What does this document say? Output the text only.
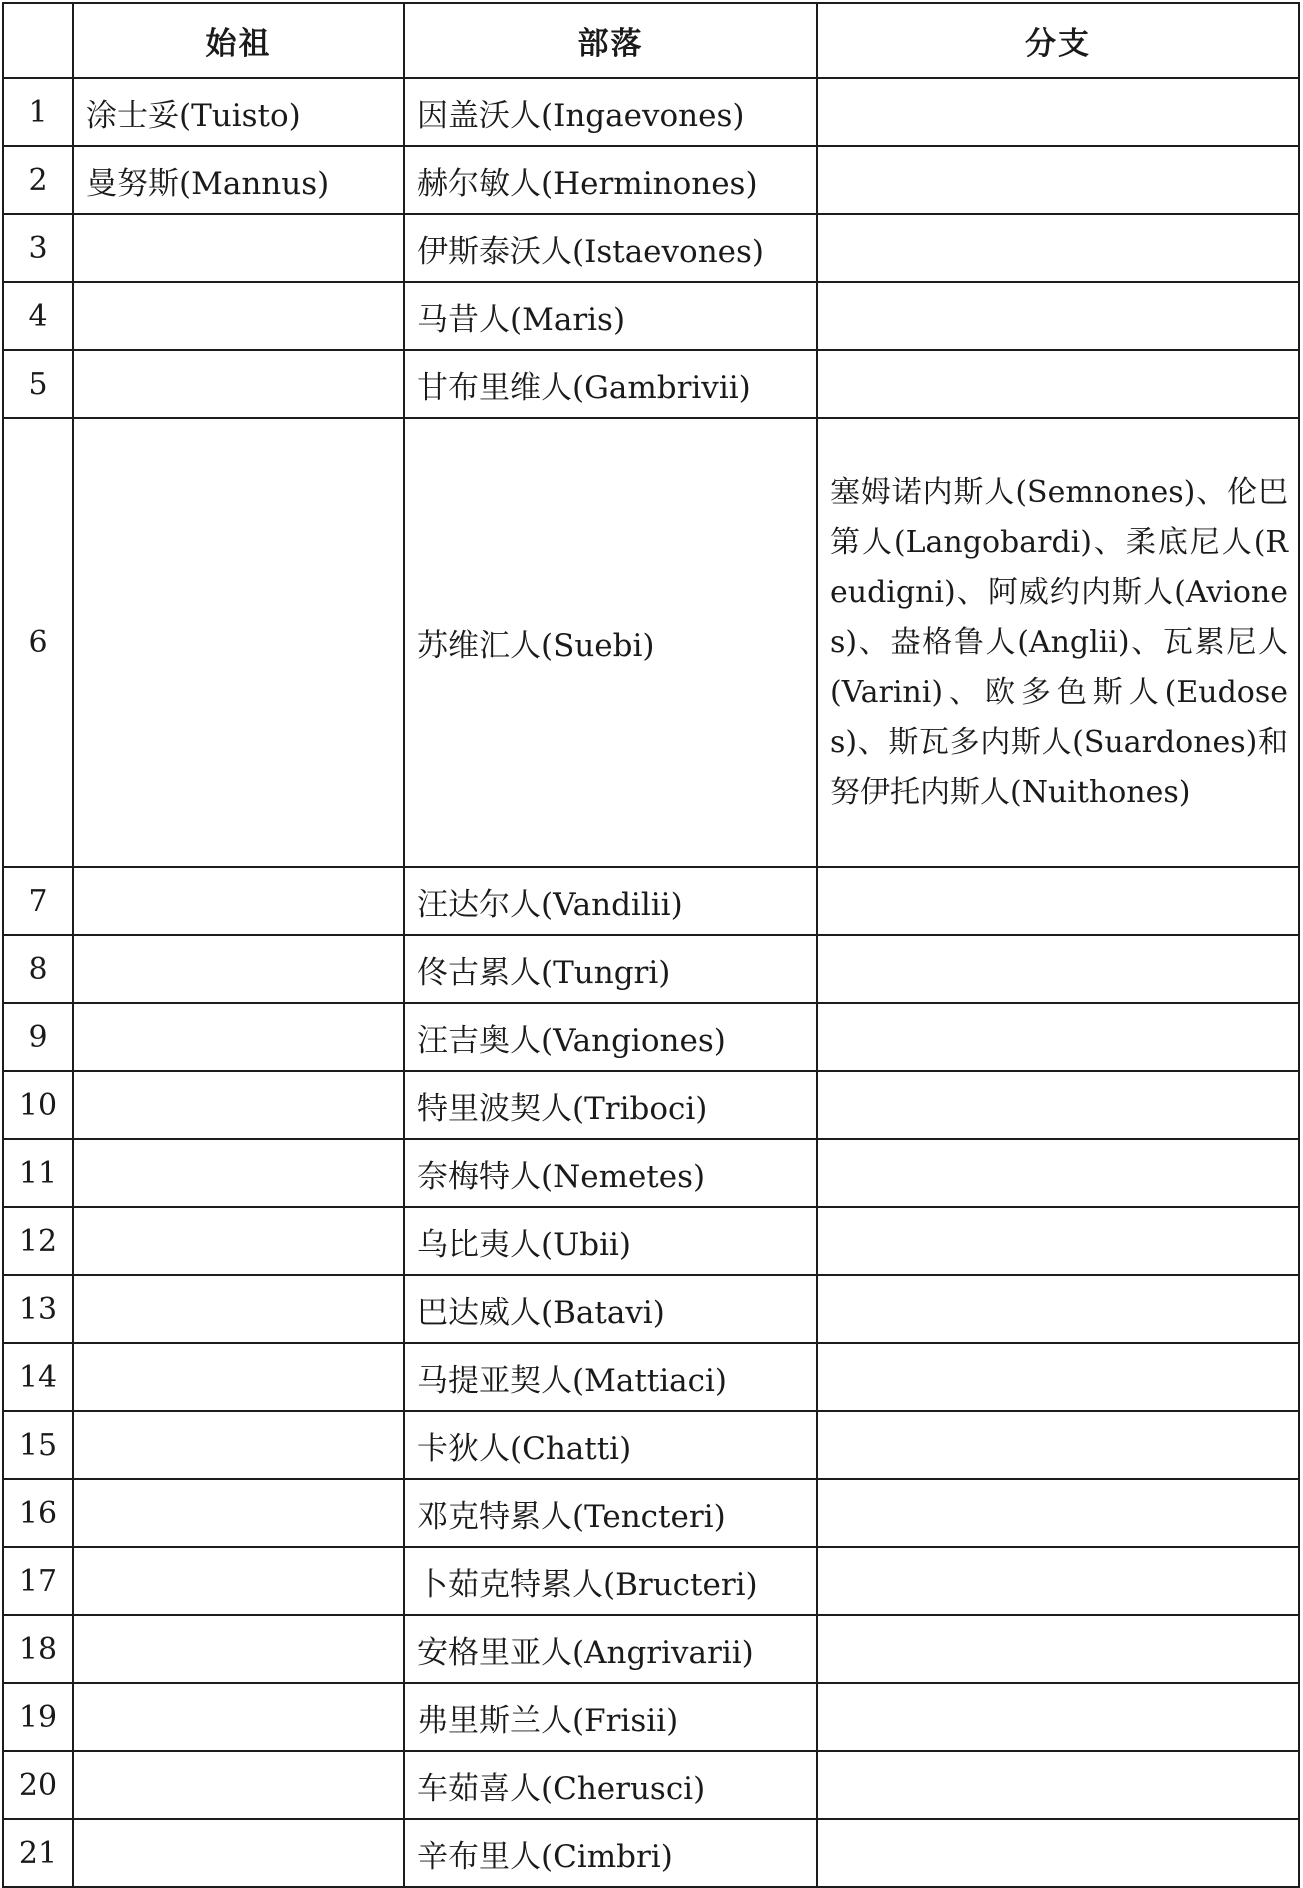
	始祖	部落	分支
1	涂士妥(Tuisto)	因盖沃人(Ingaevones)	
2	曼努斯(Mannus)	赫尔敏人(Herminones)	
3		伊斯泰沃人(Istaevones)	
4		马昔人(Maris)	
5		甘布里维人(Gambrivii)	
6		苏维汇人(Suebi)	塞姆诺内斯人(Semnones)、伦巴第人(Langobardi)、柔底尼人(Reudigni)、阿威约内斯人(Aviones)、盎格鲁人(Anglii)、瓦累尼人(Varini)、欧多色斯人(Eudoses)、斯瓦多内斯人(Suardones)和努伊托内斯人(Nuithones)
7		汪达尔人(Vandilii)	
8		佟古累人(Tungri)	
9		汪吉奥人(Vangiones)	
10		特里波契人(Triboci)	
11		奈梅特人(Nemetes)	
12		乌比夷人(Ubii)	
13		巴达威人(Batavi)	
14		马提亚契人(Mattiaci)	
15		卡狄人(Chatti)	
16		邓克特累人(Tencteri)	
17		卜茹克特累人(Bructeri)	
18		安格里亚人(Angrivarii)	
19		弗里斯兰人(Frisii)	
20		车茹喜人(Cherusci)	
21		辛布里人(Cimbri)	
